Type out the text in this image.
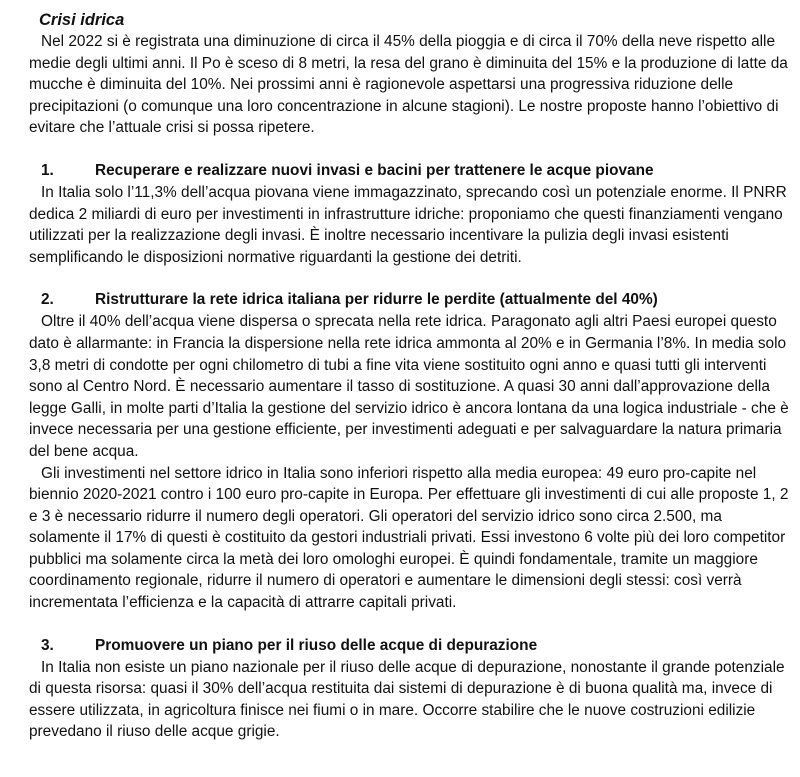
Crisi idrica

Nel 2022 si è registrata una diminuzione di circa il 45% della pioggia e di circa il 70% della neve rispetto alle medie degli ultimi anni. Il Po è sceso di 8 metri, la resa del grano è diminuita del 15% e la produzione di latte da mucche è diminuita del 10%. Nei prossimi anni è ragionevole aspettarsi una progressiva riduzione delle precipitazioni (o comunque una loro concentrazione in alcune stagioni). Le nostre proposte hanno l’obiettivo di evitare che l’attuale crisi si possa ripetere.

1.	Recuperare e realizzare nuovi invasi e bacini per trattenere le acque piovane

In Italia solo l’11,3% dell’acqua piovana viene immagazzinato, sprecando così un potenziale enorme. Il PNRR dedica 2 miliardi di euro per investimenti in infrastrutture idriche: proponiamo che questi finanziamenti vengano utilizzati per la realizzazione degli invasi. È inoltre necessario incentivare la pulizia degli invasi esistenti semplificando le disposizioni normative riguardanti la gestione dei detriti.

2.	Ristrutturare la rete idrica italiana per ridurre le perdite (attualmente del 40%)

Oltre il 40% dell’acqua viene dispersa o sprecata nella rete idrica. Paragonato agli altri Paesi europei questo dato è allarmante: in Francia la dispersione nella rete idrica ammonta al 20% e in Germania l’8%. In media solo 3,8 metri di condotte per ogni chilometro di tubi a fine vita viene sostituito ogni anno e quasi tutti gli interventi sono al Centro Nord. È necessario aumentare il tasso di sostituzione. A quasi 30 anni dall’approvazione della legge Galli, in molte parti d’Italia la gestione del servizio idrico è ancora lontana da una logica industriale - che è invece necessaria per una gestione efficiente, per investimenti adeguati e per salvaguardare la natura primaria del bene acqua.

Gli investimenti nel settore idrico in Italia sono inferiori rispetto alla media europea: 49 euro pro-capite nel biennio 2020-2021 contro i 100 euro pro-capite in Europa. Per effettuare gli investimenti di cui alle proposte 1, 2 e 3 è necessario ridurre il numero degli operatori. Gli operatori del servizio idrico sono circa 2.500, ma solamente il 17% di questi è costituito da gestori industriali privati. Essi investono 6 volte più dei loro competitor pubblici ma solamente circa la metà dei loro omologhi europei. È quindi fondamentale, tramite un maggiore coordinamento regionale, ridurre il numero di operatori e aumentare le dimensioni degli stessi: così verrà incrementata l’efficienza e la capacità di attrarre capitali privati.

3.	Promuovere un piano per il riuso delle acque di depurazione

In Italia non esiste un piano nazionale per il riuso delle acque di depurazione, nonostante il grande potenziale di questa risorsa: quasi il 30% dell’acqua restituita dai sistemi di depurazione è di buona qualità ma, invece di essere utilizzata, in agricoltura finisce nei fiumi o in mare. Occorre stabilire che le nuove costruzioni edilizie prevedano il riuso delle acque grigie.
